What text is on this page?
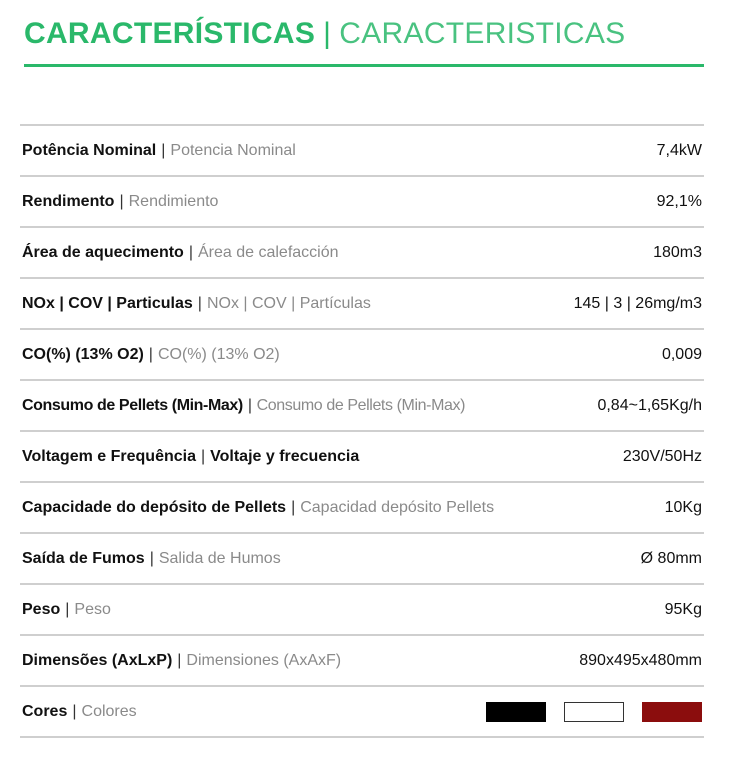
CARACTERÍSTICAS | CARACTERISTICAS
Potência Nominal | Potencia Nominal	7,4kW
Rendimento | Rendimiento	92,1%
Área de aquecimento | Área de calefacción	180m3
NOx | COV | Particulas | NOx | COV | Partículas	145 | 3 | 26mg/m3
CO(%) (13% O2) | CO(%) (13% O2)	0,009
Consumo de Pellets (Min-Max) | Consumo de Pellets (Min-Max)	0,84~1,65Kg/h
Voltagem e Frequência | Voltaje y frecuencia	230V/50Hz
Capacidade do depósito de Pellets | Capacidad depósito Pellets	10Kg
Saída de Fumos | Salida de Humos	Ø 80mm
Peso | Peso	95Kg
Dimensões (AxLxP) | Dimensiones (AxAxF)	890x495x480mm
Cores | Colores
